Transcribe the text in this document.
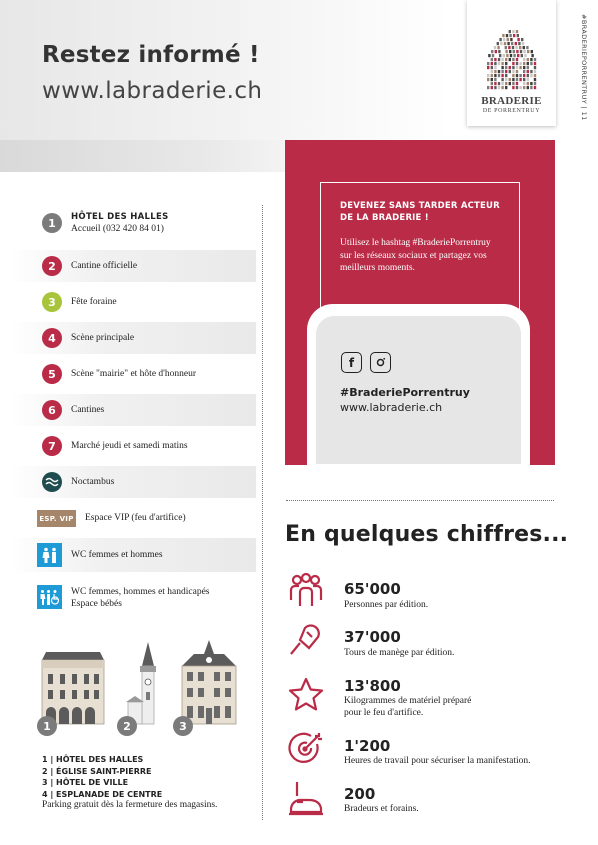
Restez informé !
www.labraderie.ch	BRADERIE
DE PORRENTRUY	#BRADERIEPORRENTRUY | 11
1	HÔTEL DES HALLES
Accueil (032 420 84 01)
2	Cantine officielle
3	Fête foraine
4	Scène principale
5	Scène "mairie" et hôte d'honneur
6	Cantines
7	Marché jeudi et samedi matins
Noctambus
ESP. VIP Espace VIP (feu d'artifice)
WC femmes et hommes
WC femmes, hommes et handicapés
Espace bébés
1	2	3
1 | HÔTEL DES HALLES
2 | ÉGLISE SAINT-PIERRE
3 | HÔTEL DE VILLE
4 | ESPLANADE DE CENTRE
Parking gratuit dès la fermeture des magasins.
DEVENEZ SANS TARDER ACTEUR
DE LA BRADERIE !
Utilisez le hashtag #BraderiePorrentruy
sur les réseaux sociaux et partagez vos
meilleurs moments.
f
#BraderiePorrentruy
www.labraderie.ch
En quelques chiffres...
65'000
Personnes par édition.
37'000
Tours de manège par édition.
13'800
Kilogrammes de matériel préparé
pour le feu d'artifice.
1'200
Heures de travail pour sécuriser la manifestation.
200
Bradeurs et forains.
